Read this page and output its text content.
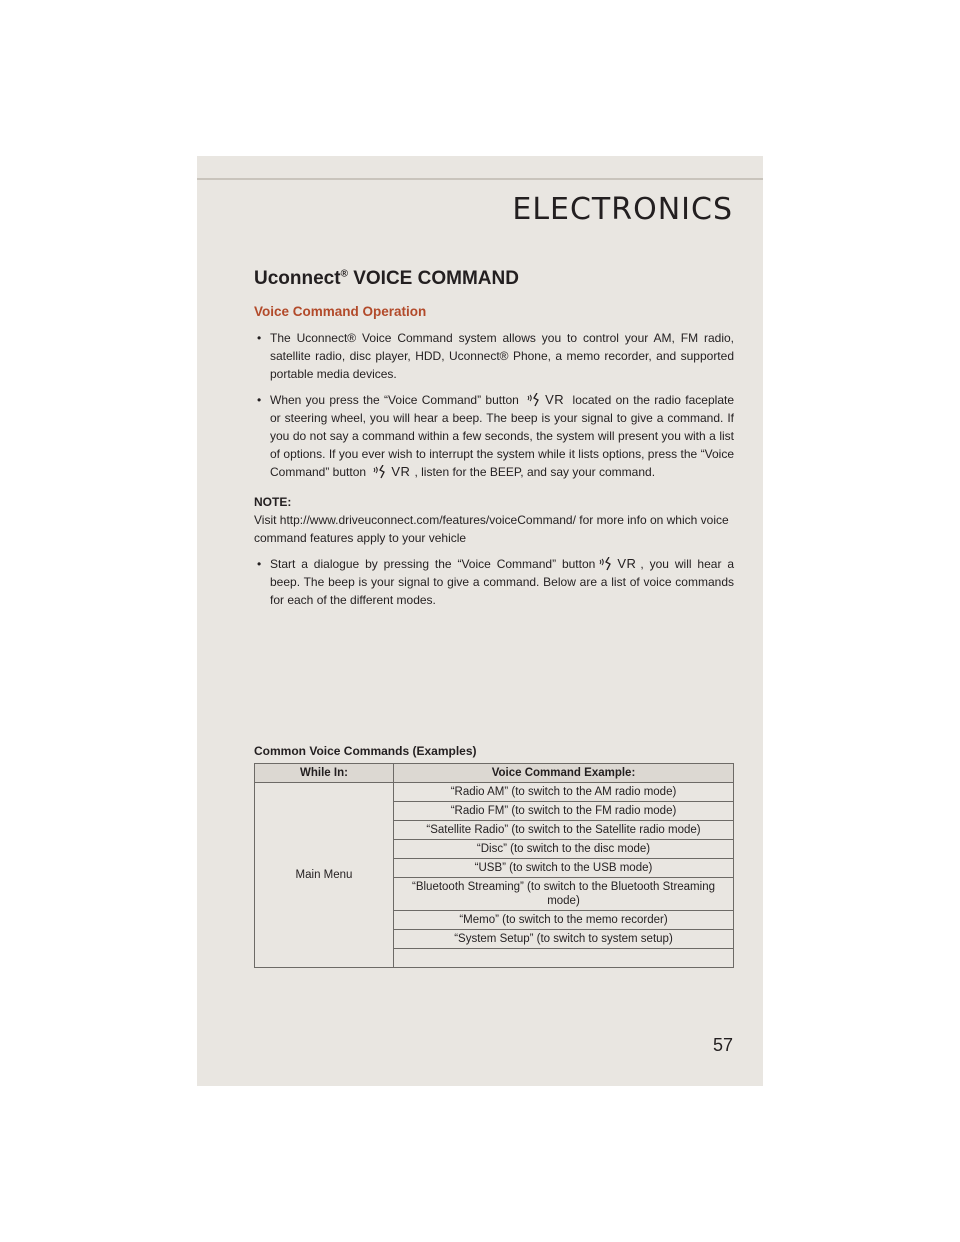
ELECTRONICS
Uconnect® VOICE COMMAND
Voice Command Operation

• The Uconnect® Voice Command system allows you to control your AM, FM radio, satellite radio, disc player, HDD, Uconnect® Phone, a memo recorder, and supported portable media devices.

• When you press the “Voice Command” button VR located on the radio faceplate or steering wheel, you will hear a beep. The beep is your signal to give a command. If you do not say a command within a few seconds, the system will present you with a list of options. If you ever wish to interrupt the system while it lists options, press the “Voice Command” button VR , listen for the BEEP, and say your command.

NOTE:
Visit http://www.driveuconnect.com/features/voiceCommand/ for more info on which voice command features apply to your vehicle

• Start a dialogue by pressing the “Voice Command” button VR , you will hear a beep. The beep is your signal to give a command. Below are a list of voice commands for each of the different modes.

Common Voice Commands (Examples)
While In:	Voice Command Example:
Main Menu	“Radio AM” (to switch to the AM radio mode)
	“Radio FM” (to switch to the FM radio mode)
	“Satellite Radio” (to switch to the Satellite radio mode)
	“Disc” (to switch to the disc mode)
	“USB” (to switch to the USB mode)
	“Bluetooth Streaming” (to switch to the Bluetooth Streaming mode)
	“Memo” (to switch to the memo recorder)
	“System Setup” (to switch to system setup)

57
